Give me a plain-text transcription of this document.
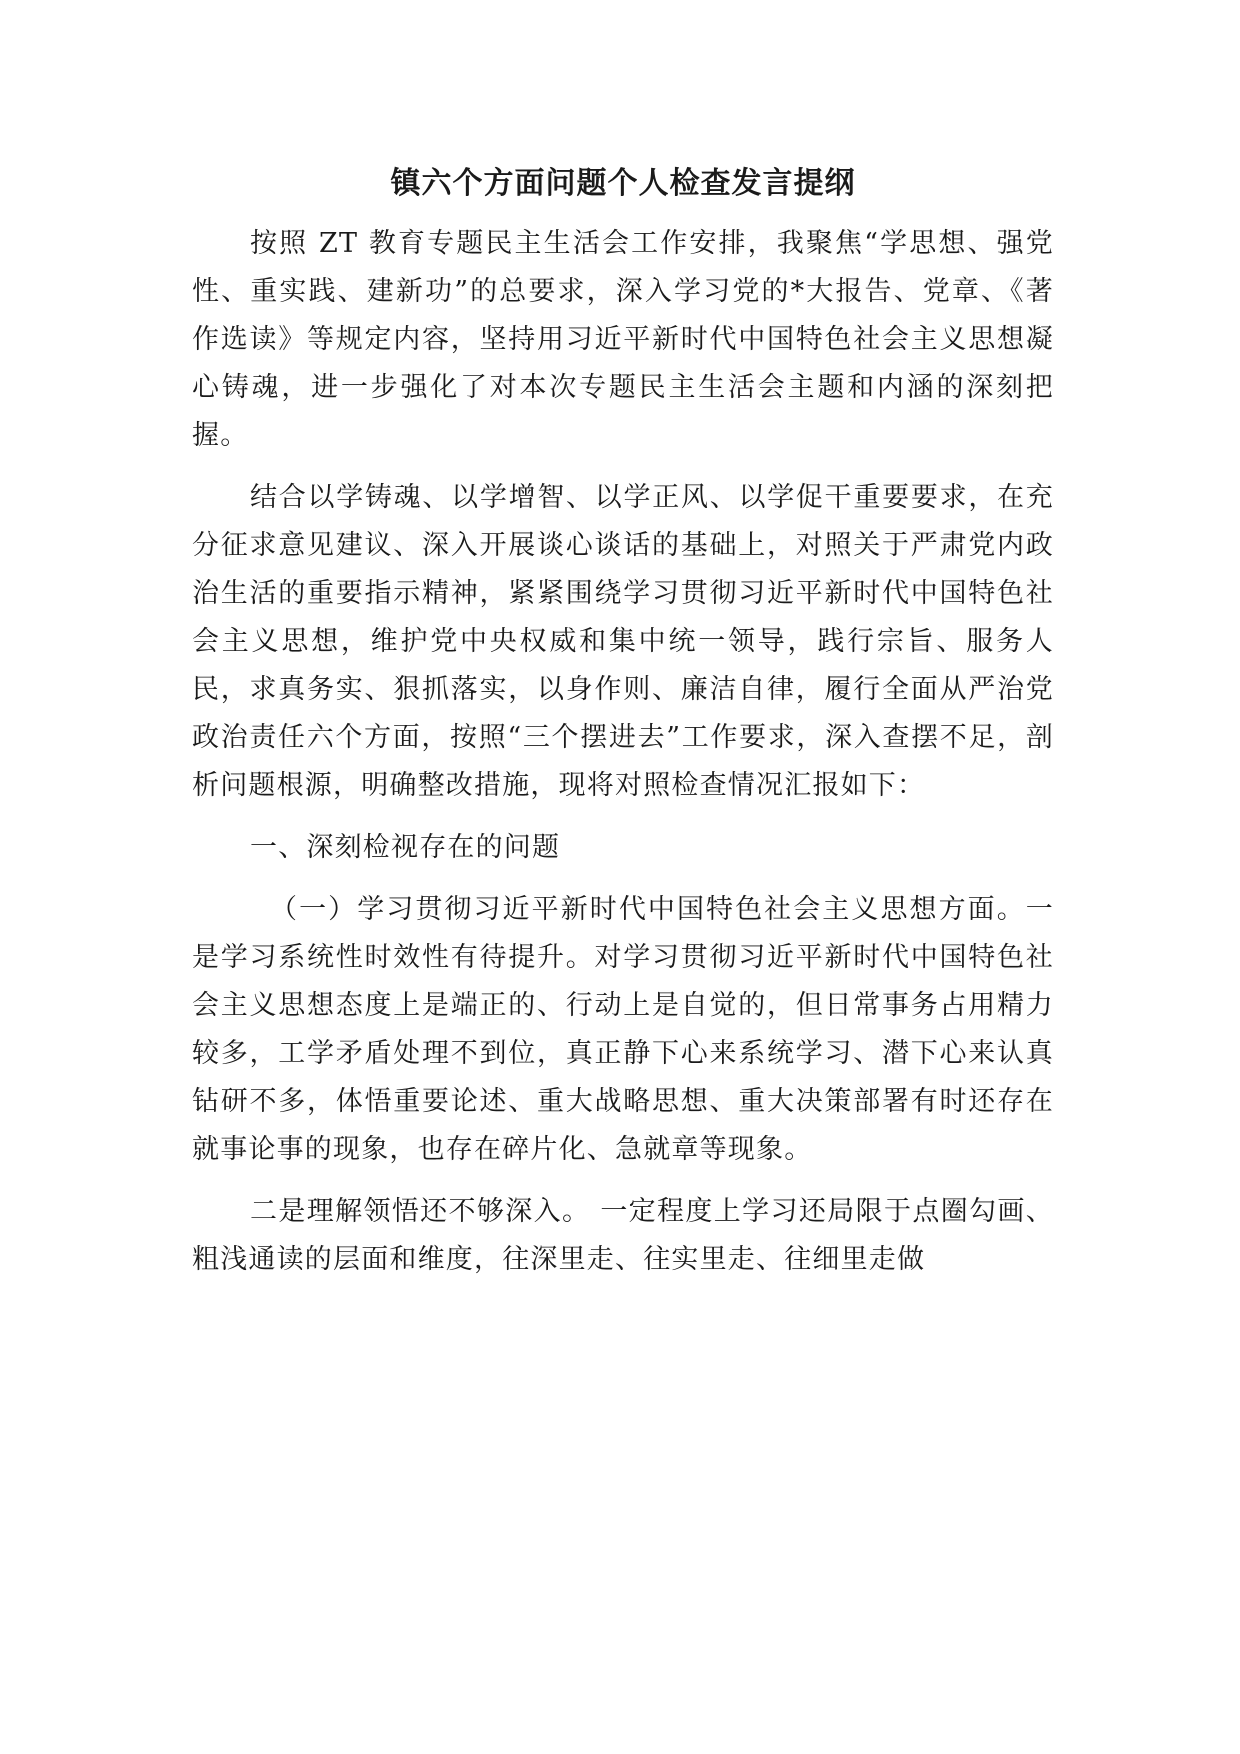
镇六个方面问题个人检查发言提纲

按照 ZT 教育专题民主生活会工作安排，我聚焦“学思想、强党性、重实践、建新功”的总要求，深入学习党的*大报告、党章、《著作选读》等规定内容，坚持用习近平新时代中国特色社会主义思想凝心铸魂，进一步强化了对本次专题民主生活会主题和内涵的深刻把握。

结合以学铸魂、以学增智、以学正风、以学促干重要要求，在充分征求意见建议、深入开展谈心谈话的基础上，对照关于严肃党内政治生活的重要指示精神，紧紧围绕学习贯彻习近平新时代中国特色社会主义思想，维护党中央权威和集中统一领导，践行宗旨、服务人民，求真务实、狠抓落实，以身作则、廉洁自律，履行全面从严治党政治责任六个方面，按照“三个摆进去”工作要求，深入查摆不足，剖析问题根源，明确整改措施，现将对照检查情况汇报如下：

一、深刻检视存在的问题

（一）学习贯彻习近平新时代中国特色社会主义思想方面。一是学习系统性时效性有待提升。对学习贯彻习近平新时代中国特色社会主义思想态度上是端正的、行动上是自觉的，但日常事务占用精力较多，工学矛盾处理不到位，真正静下心来系统学习、潜下心来认真钻研不多，体悟重要论述、重大战略思想、重大决策部署有时还存在就事论事的现象，也存在碎片化、急就章等现象。

二是理解领悟还不够深入。 一定程度上学习还局限于点圈勾画、粗浅通读的层面和维度，往深里走、往实里走、往细里走做
